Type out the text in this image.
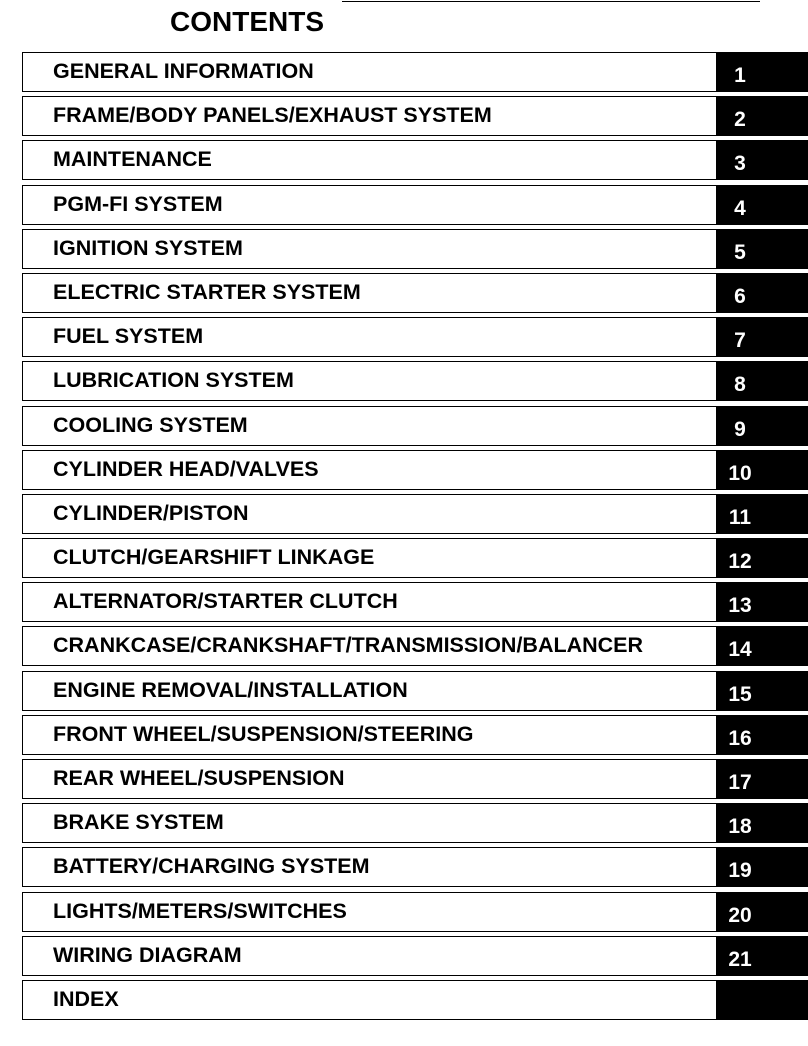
CONTENTS
GENERAL INFORMATION	1
FRAME/BODY PANELS/EXHAUST SYSTEM	2
MAINTENANCE	3
PGM-FI SYSTEM	4
IGNITION SYSTEM	5
ELECTRIC STARTER SYSTEM	6
FUEL SYSTEM	7
LUBRICATION SYSTEM	8
COOLING SYSTEM	9
CYLINDER HEAD/VALVES	10
CYLINDER/PISTON	11
CLUTCH/GEARSHIFT LINKAGE	12
ALTERNATOR/STARTER CLUTCH	13
CRANKCASE/CRANKSHAFT/TRANSMISSION/BALANCER	14
ENGINE REMOVAL/INSTALLATION	15
FRONT WHEEL/SUSPENSION/STEERING	16
REAR WHEEL/SUSPENSION	17
BRAKE SYSTEM	18
BATTERY/CHARGING SYSTEM	19
LIGHTS/METERS/SWITCHES	20
WIRING DIAGRAM	21
INDEX
